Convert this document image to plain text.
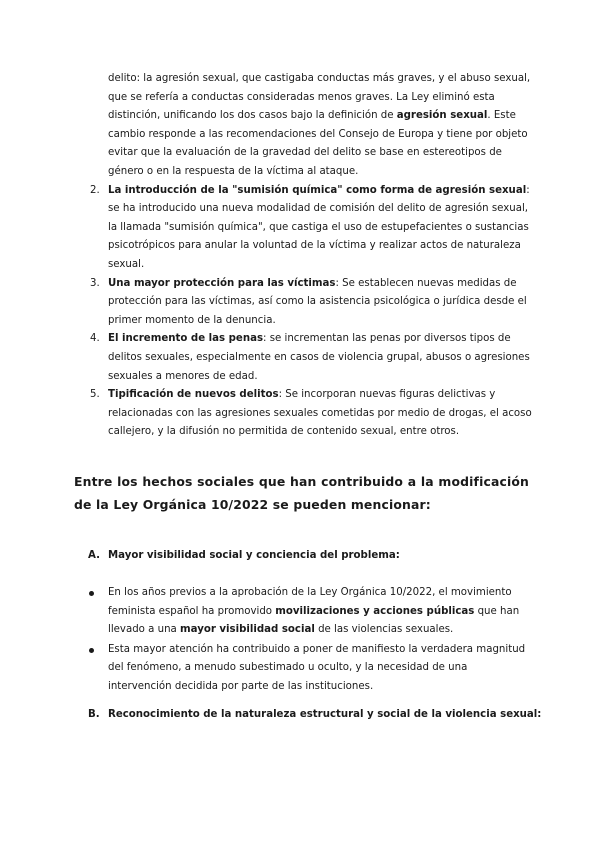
delito: la agresión sexual, que castigaba conductas más graves, y el abuso sexual, que se refería a conductas consideradas menos graves. La Ley eliminó esta distinción, unificando los dos casos bajo la definición de agresión sexual. Este cambio responde a las recomendaciones del Consejo de Europa y tiene por objeto evitar que la evaluación de la gravedad del delito se base en estereotipos de género o en la respuesta de la víctima al ataque.
2. La introducción de la "sumisión química" como forma de agresión sexual: se ha introducido una nueva modalidad de comisión del delito de agresión sexual, la llamada "sumisión química", que castiga el uso de estupefacientes o sustancias psicotrópicos para anular la voluntad de la víctima y realizar actos de naturaleza sexual.
3. Una mayor protección para las víctimas: Se establecen nuevas medidas de protección para las víctimas, así como la asistencia psicológica o jurídica desde el primer momento de la denuncia.
4. El incremento de las penas: se incrementan las penas por diversos tipos de delitos sexuales, especialmente en casos de violencia grupal, abusos o agresiones sexuales a menores de edad.
5. Tipificación de nuevos delitos: Se incorporan nuevas figuras delictivas y relacionadas con las agresiones sexuales cometidas por medio de drogas, el acoso callejero, y la difusión no permitida de contenido sexual, entre otros.
Entre los hechos sociales que han contribuido a la modificación de la Ley Orgánica 10/2022 se pueden mencionar:
A. Mayor visibilidad social y conciencia del problema:
En los años previos a la aprobación de la Ley Orgánica 10/2022, el movimiento feminista español ha promovido movilizaciones y acciones públicas que han llevado a una mayor visibilidad social de las violencias sexuales.
Esta mayor atención ha contribuido a poner de manifiesto la verdadera magnitud del fenómeno, a menudo subestimado u oculto, y la necesidad de una intervención decidida por parte de las instituciones.
B. Reconocimiento de la naturaleza estructural y social de la violencia sexual:
